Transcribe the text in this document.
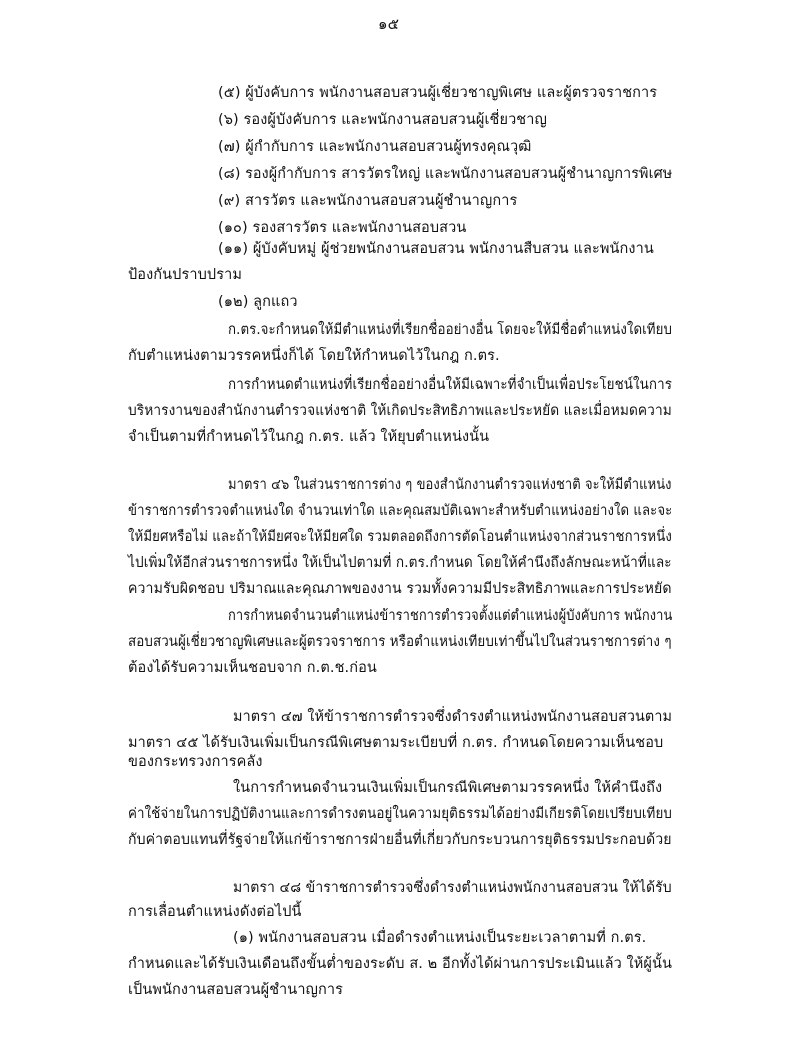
๑๕

(๕) ผู้บังคับการ พนักงานสอบสวนผู้เชี่ยวชาญพิเศษ และผู้ตรวจราชการ

(๖) รองผู้บังคับการ และพนักงานสอบสวนผู้เชี่ยวชาญ

(๗) ผู้กำกับการ และพนักงานสอบสวนผู้ทรงคุณวุฒิ

(๘) รองผู้กำกับการ สารวัตรใหญ่ และพนักงานสอบสวนผู้ชำนาญการพิเศษ

(๙) สารวัตร และพนักงานสอบสวนผู้ชำนาญการ

(๑๐) รองสารวัตร และพนักงานสอบสวน

(๑๑) ผู้บังคับหมู่ ผู้ช่วยพนักงานสอบสวน พนักงานสืบสวน และพนักงาน

ป้องกันปราบปราม

(๑๒) ลูกแถว

ก.ตร.จะกำหนดให้มีตำแหน่งที่เรียกชื่ออย่างอื่น โดยจะให้มีชื่อตำแหน่งใดเทียบ

กับตำแหน่งตามวรรคหนึ่งก็ได้ โดยให้กำหนดไว้ในกฎ ก.ตร.

การกำหนดตำแหน่งที่เรียกชื่ออย่างอื่นให้มีเฉพาะที่จำเป็นเพื่อประโยชน์ในการ

บริหารงานของสำนักงานตำรวจแห่งชาติ ให้เกิดประสิทธิภาพและประหยัด และเมื่อหมดความ

จำเป็นตามที่กำหนดไว้ในกฎ ก.ตร. แล้ว ให้ยุบตำแหน่งนั้น

มาตรา ๔๖ ในส่วนราชการต่าง ๆ ของสำนักงานตำรวจแห่งชาติ จะให้มีตำแหน่ง

ข้าราชการตำรวจตำแหน่งใด จำนวนเท่าใด และคุณสมบัติเฉพาะสำหรับตำแหน่งอย่างใด และจะ

ให้มียศหรือไม่ และถ้าให้มียศจะให้มียศใด รวมตลอดถึงการตัดโอนตำแหน่งจากส่วนราชการหนึ่ง

ไปเพิ่มให้อีกส่วนราชการหนึ่ง ให้เป็นไปตามที่ ก.ตร.กำหนด โดยให้คำนึงถึงลักษณะหน้าที่และ

ความรับผิดชอบ ปริมาณและคุณภาพของงาน รวมทั้งความมีประสิทธิภาพและการประหยัด

การกำหนดจำนวนตำแหน่งข้าราชการตำรวจตั้งแต่ตำแหน่งผู้บังคับการ พนักงาน

สอบสวนผู้เชี่ยวชาญพิเศษและผู้ตรวจราชการ หรือตำแหน่งเทียบเท่าขึ้นไปในส่วนราชการต่าง ๆ

ต้องได้รับความเห็นชอบจาก ก.ต.ช.ก่อน

มาตรา ๔๗ ให้ข้าราชการตำรวจซึ่งดำรงตำแหน่งพนักงานสอบสวนตาม

มาตรา ๔๕ ได้รับเงินเพิ่มเป็นกรณีพิเศษตามระเบียบที่ ก.ตร. กำหนดโดยความเห็นชอบ

ของกระทรวงการคลัง

ในการกำหนดจำนวนเงินเพิ่มเป็นกรณีพิเศษตามวรรคหนึ่ง ให้คำนึงถึง

ค่าใช้จ่ายในการปฏิบัติงานและการดำรงตนอยู่ในความยุติธรรมได้อย่างมีเกียรติโดยเปรียบเทียบ

กับค่าตอบแทนที่รัฐจ่ายให้แก่ข้าราชการฝ่ายอื่นที่เกี่ยวกับกระบวนการยุติธรรมประกอบด้วย

มาตรา ๔๘ ข้าราชการตำรวจซึ่งดำรงตำแหน่งพนักงานสอบสวน ให้ได้รับ

การเลื่อนตำแหน่งดังต่อไปนี้

(๑) พนักงานสอบสวน เมื่อดำรงตำแหน่งเป็นระยะเวลาตามที่ ก.ตร.

กำหนดและได้รับเงินเดือนถึงขั้นต่ำของระดับ ส. ๒ อีกทั้งได้ผ่านการประเมินแล้ว ให้ผู้นั้น

เป็นพนักงานสอบสวนผู้ชำนาญการ
